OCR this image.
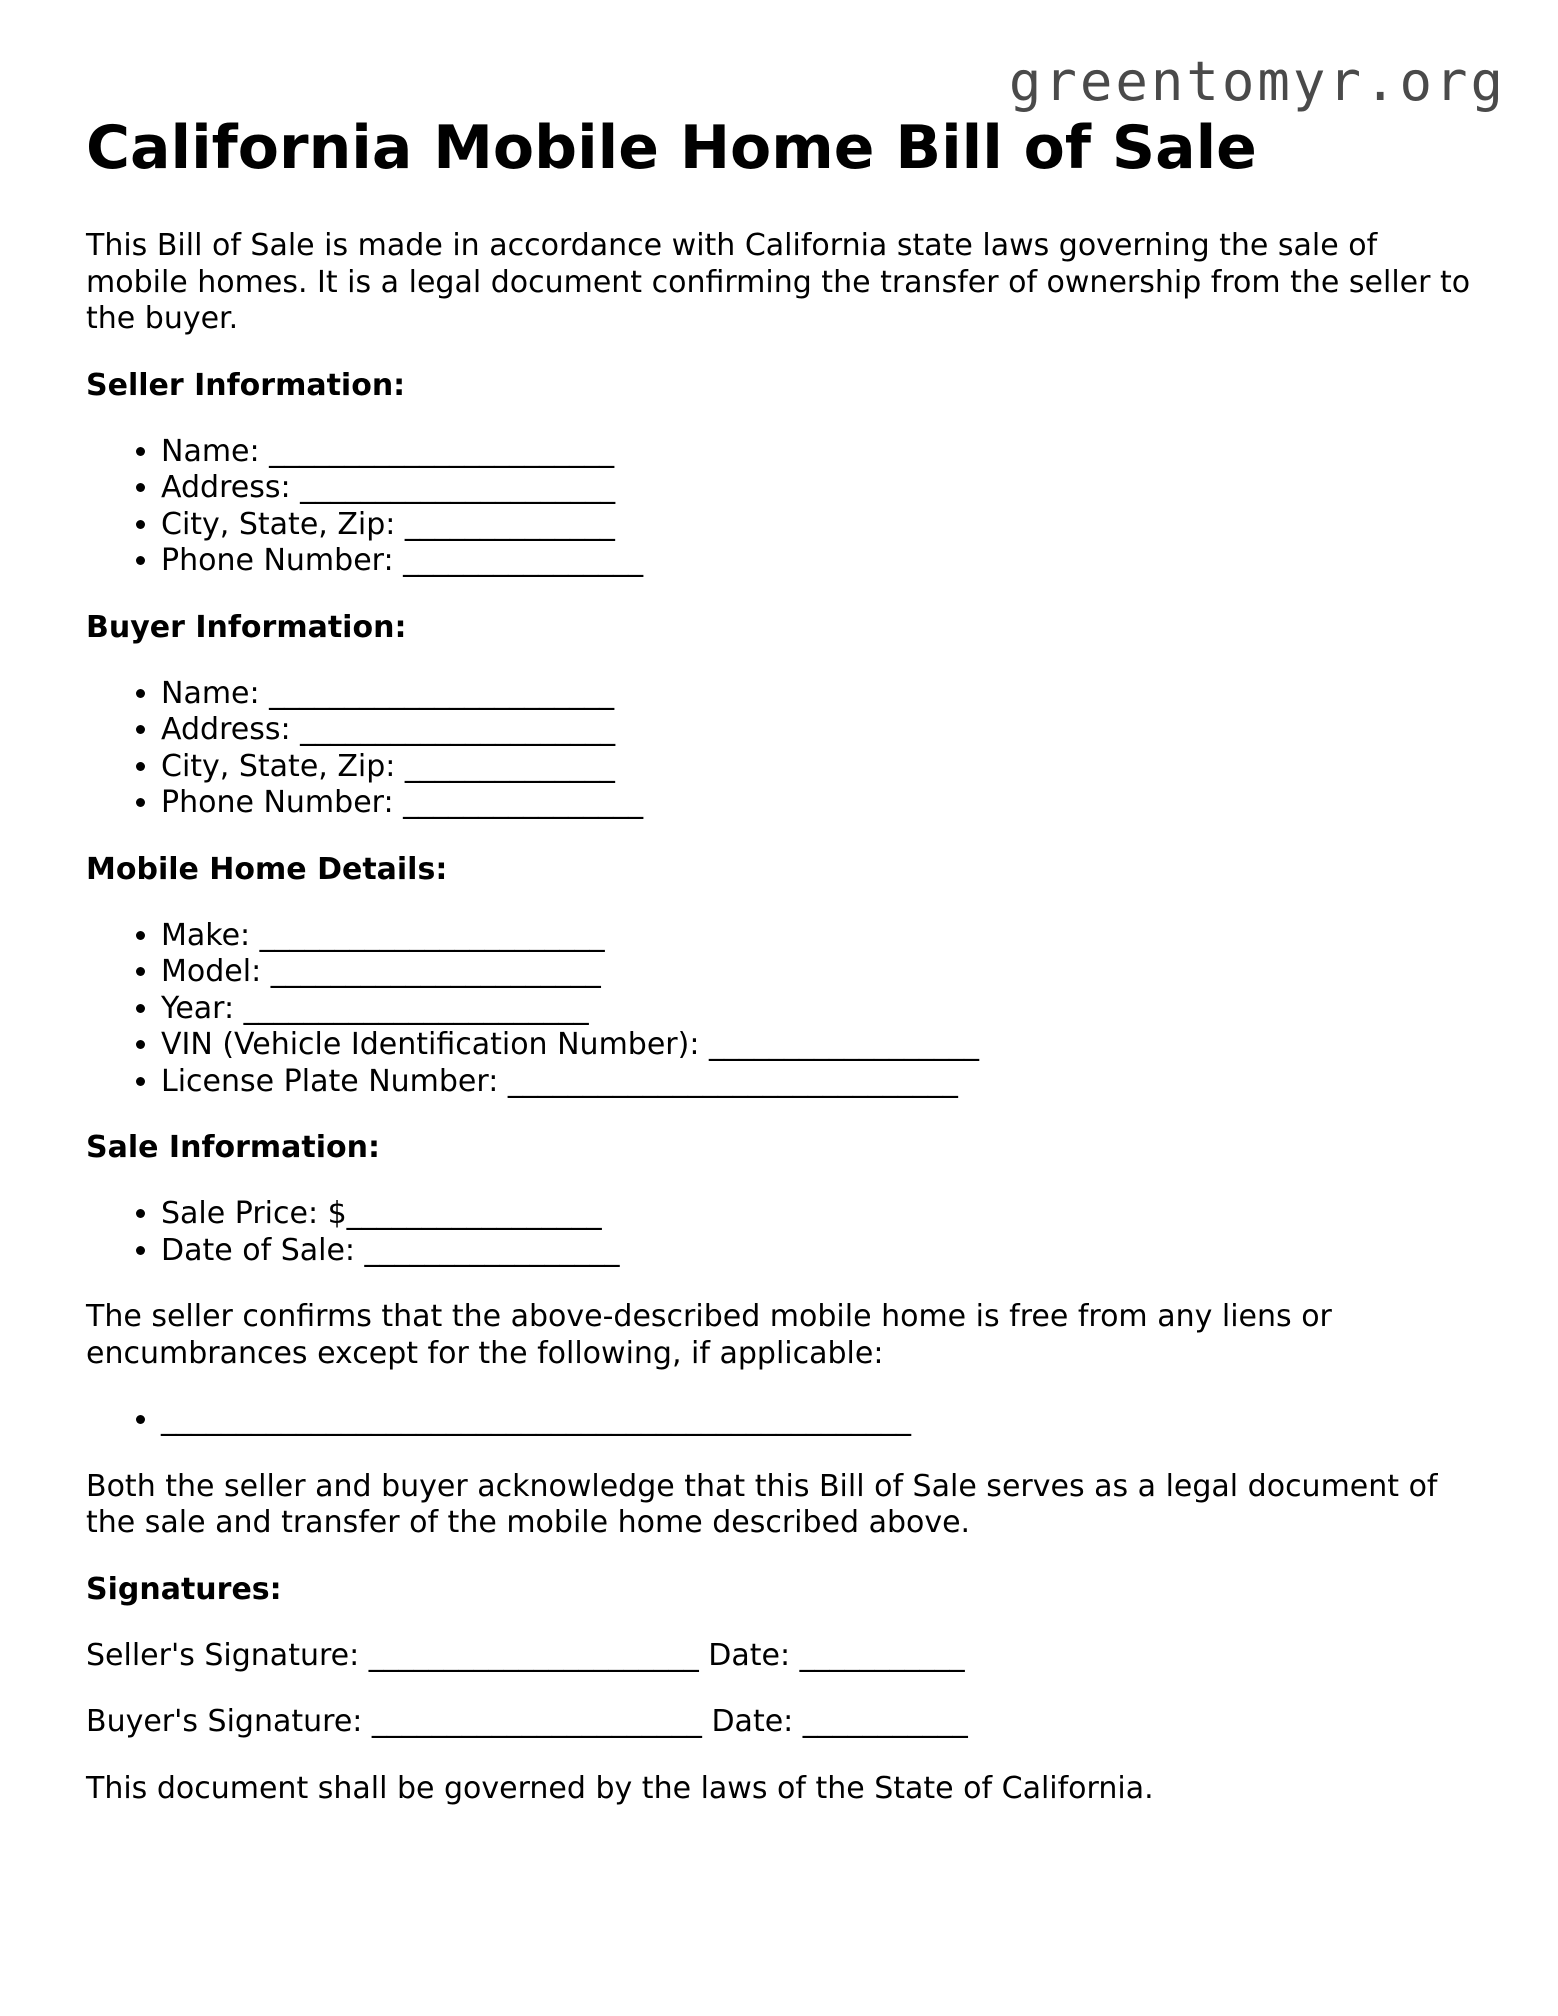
greentomyr.org
California Mobile Home Bill of Sale

This Bill of Sale is made in accordance with California state laws governing the sale of mobile homes. It is a legal document confirming the transfer of ownership from the seller to the buyer.

Seller Information:
• Name: _______________________
• Address: _____________________
• City, State, Zip: ______________
• Phone Number: ________________
Buyer Information:
• Name: _______________________
• Address: _____________________
• City, State, Zip: ______________
• Phone Number: ________________
Mobile Home Details:
• Make: _______________________
• Model: ______________________
• Year: _______________________
• VIN (Vehicle Identification Number): __________________
• License Plate Number: ______________________________
Sale Information:
• Sale Price: $_________________
• Date of Sale: _________________

The seller confirms that the above-described mobile home is free from any liens or encumbrances except for the following, if applicable:

• __________________________________________________

Both the seller and buyer acknowledge that this Bill of Sale serves as a legal document of the sale and transfer of the mobile home described above.

Signatures:

Seller's Signature: ______________________ Date: ___________

Buyer's Signature: ______________________ Date: ___________

This document shall be governed by the laws of the State of California.
